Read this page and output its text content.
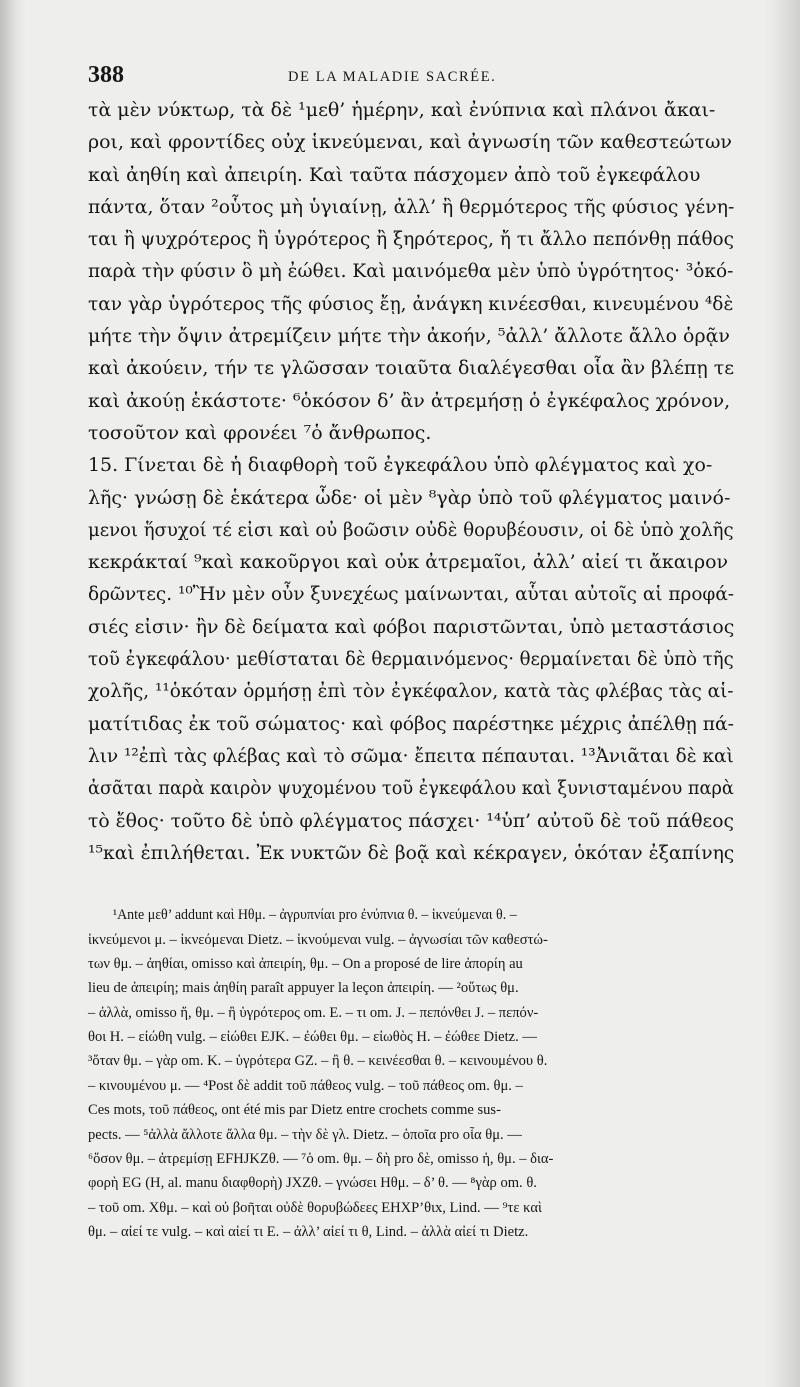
388	DE LA MALADIE SACRÉE.
τὰ μὲν νύκτωρ, τὰ δὲ ¹μεθ’ ἡμέρην, καὶ ἐνύπνια καὶ πλάνοι ἄκαι-
ροι, καὶ φροντίδες οὐχ ἱκνεύμεναι, καὶ ἀγνωσίη τῶν καθεστεώτων
καὶ ἀηθίη καὶ ἀπειρίη. Καὶ ταῦτα πάσχομεν ἀπὸ τοῦ ἐγκεφάλου
πάντα, ὅταν ²οὗτος μὴ ὑγιαίνῃ, ἀλλ’ ἢ θερμότερος τῆς φύσιος γένη-
ται ἢ ψυχρότερος ἢ ὑγρότερος ἢ ξηρότερος, ἤ τι ἄλλο πεπόνθῃ πάθος
παρὰ τὴν φύσιν ὃ μὴ ἐώθει. Καὶ μαινόμεθα μὲν ὑπὸ ὑγρότητος· ³ὁκό-
ταν γὰρ ὑγρότερος τῆς φύσιος ἔῃ, ἀνάγκη κινέεσθαι, κινευμένου ⁴δὲ
μήτε τὴν ὄψιν ἀτρεμίζειν μήτε τὴν ἀκοήν, ⁵ἀλλ’ ἄλλοτε ἄλλο ὁρᾷν
καὶ ἀκούειν, τήν τε γλῶσσαν τοιαῦτα διαλέγεσθαι οἷα ἂν βλέπῃ τε
καὶ ἀκούῃ ἑκάστοτε· ⁶ὁκόσον δ’ ἂν ἀτρεμήσῃ ὁ ἐγκέφαλος χρόνον,
τοσοῦτον καὶ φρονέει ⁷ὁ ἄνθρωπος.
15. Γίνεται δὲ ἡ διαφθορὴ τοῦ ἐγκεφάλου ὑπὸ φλέγματος καὶ χο-
λῆς· γνώσῃ δὲ ἑκάτερα ὧδε· οἱ μὲν ⁸γὰρ ὑπὸ τοῦ φλέγματος μαινό-
μενοι ἥσυχοί τέ εἰσι καὶ οὐ βοῶσιν οὐδὲ θορυβέουσιν, οἱ δὲ ὑπὸ χολῆς
κεκράκταί ⁹καὶ κακοῦργοι καὶ οὐκ ἀτρεμαῖοι, ἀλλ’ αἰεί τι ἄκαιρον
δρῶντες. ¹⁰Ἢν μὲν οὖν ξυνεχέως μαίνωνται, αὗται αὐτοῖς αἱ προφά-
σιές εἰσιν· ἢν δὲ δείματα καὶ φόβοι παριστῶνται, ὑπὸ μεταστάσιος
τοῦ ἐγκεφάλου· μεθίσταται δὲ θερμαινόμενος· θερμαίνεται δὲ ὑπὸ τῆς
χολῆς, ¹¹ὁκόταν ὁρμήσῃ ἐπὶ τὸν ἐγκέφαλον, κατὰ τὰς φλέβας τὰς αἱ-
ματίτιδας ἐκ τοῦ σώματος· καὶ φόβος παρέστηκε μέχρις ἀπέλθῃ πά-
λιν ¹²ἐπὶ τὰς φλέβας καὶ τὸ σῶμα· ἔπειτα πέπαυται. ¹³Ἀνιᾶται δὲ καὶ
ἀσᾶται παρὰ καιρὸν ψυχομένου τοῦ ἐγκεφάλου καὶ ξυνισταμένου παρὰ
τὸ ἔθος· τοῦτο δὲ ὑπὸ φλέγματος πάσχει· ¹⁴ὑπ’ αὐτοῦ δὲ τοῦ πάθεος
¹⁵καὶ ἐπιλήθεται. Ἐκ νυκτῶν δὲ βοᾷ καὶ κέκραγεν, ὁκόταν ἐξαπίνης
¹Ante μεθ’ addunt καὶ Hθμ. – ἀγρυπνίαι pro ἐνύπνια θ. – ἱκνεύμεναι θ. –
ἱκνεύμενοι μ. – ἱκνεόμεναι Dietz. – ἱκνούμεναι vulg. – ἀγνωσίαι τῶν καθεστώ-
των θμ. – ἀηθίαι, omisso καὶ ἀπειρίη, θμ. – On a proposé de lire ἀπορίη au
lieu de ἀπειρίη; mais ἀηθίη paraît appuyer la leçon ἀπειρίη. — ²οὕτως θμ.
– ἀλλὰ, omisso ἤ, θμ. – ἢ ὑγρότερος om. E. – τι om. J. – πεπόνθει J. – πεπόν-
θοι H. – εἰώθη vulg. – εἰώθει EJK. – ἐώθει θμ. – εἰωθὸς H. – ἐώθεε Dietz. —
³ὅταν θμ. – γὰρ om. K. – ὑγρότερα GZ. – ἢ θ. – κεινέεσθαι θ. – κεινουμένου θ.
– κινουμένου μ. — ⁴Post δὲ addit τοῦ πάθεος vulg. – τοῦ πάθεος om. θμ. –
Ces mots, τοῦ πάθεος, ont été mis par Dietz entre crochets comme sus-
pects. — ⁵ἀλλὰ ἄλλοτε ἄλλα θμ. – τὴν δὲ γλ. Dietz. – ὁποῖα pro οἷα θμ. —
⁶ὅσον θμ. – ἀτρεμίσῃ EFHJKZθ. — ⁷ὁ om. θμ. – δὴ pro δὲ, omisso ἡ, θμ. – δια-
φορὴ EG (H, al. manu διαφθορὴ) JXZθ. – γνώσει Hθμ. – δ’ θ. — ⁸γὰρ om. θ.
– τοῦ om. Xθμ. – καὶ οὐ βοῆται οὐδὲ θορυβώδεες EHXP’θιx, Lind. — ⁹τε καὶ
θμ. – αἰεί τε vulg. – καὶ αἰεί τι E. – ἀλλ’ αἰεί τι θ, Lind. – ἀλλὰ αἰεί τι Dietz.
